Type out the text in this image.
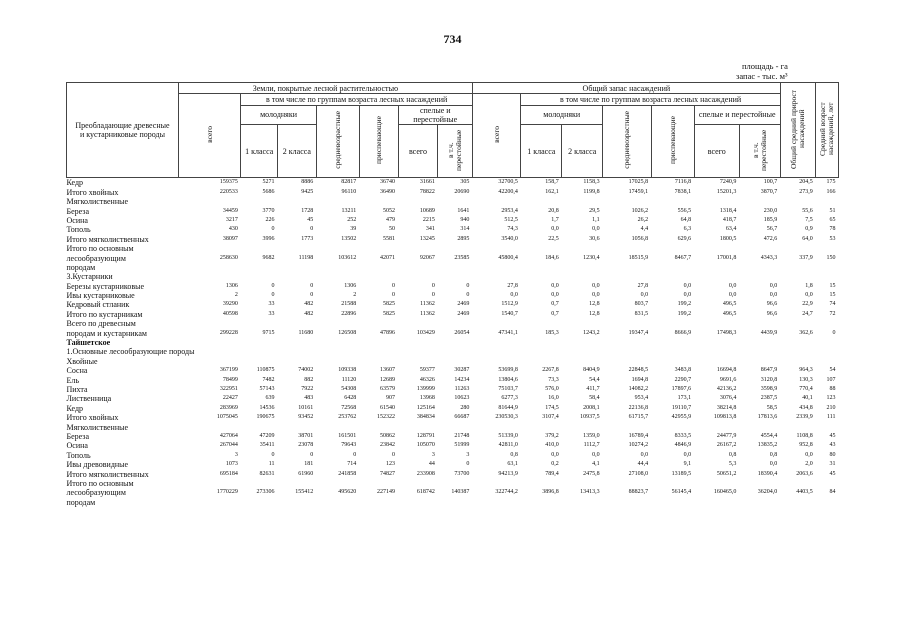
734
площадь - га
запас - тыс. м³
Преобладающие древесные и кустарниковые породы	Земли, покрытые лесной растительностью							Общий запас насаждений							Общий средний прирост насаждений	Средний возраст насаждений, лет
	всего	в том числе по группам возраста лесных насаждений						всего	в том числе по группам возраста лесных насаждений							
		молодняки		средневозрастные	приспевающие	спелые и перестойные			молодняки		средневозрастные	приспевающие	спелые и перестойные			
		1 класса	2 класса			всего	в т.ч. перестойные		1 класса	2 класса			всего	в т.ч. перестойные		
Кедр	159375	5271	8886	82817	36740	31661	305	32700,5	158,7	1158,3	17025,8	7116,8	7240,9	100,7	204,5	175
Итого хвойных	220533	5686	9425	96110	36490	78822	20690	42200,4	162,1	1199,8	17459,1	7838,1	15201,3	3870,7	273,9	166
Мягколиственные																
Береза	34459	3770	1728	13211	5052	10689	1641	2953,4	20,8	29,5	1026,2	556,5	1318,4	230,0	55,6	51
Осина	3217	226	45	252	479	2215	940	512,5	1,7	1,1	26,2	64,8	418,7	185,9	7,5	65
Тополь	430	0	0	39	50	341	314	74,3	0,0	0,0	4,4	6,3	63,4	56,7	0,9	78
Итого мягколиственных	38097	3996	1773	13502	5581	13245	2895	3540,0	22,5	30,6	1056,8	629,6	1800,5	472,6	64,0	53
Итого по основным																
лесообразующим	258630	9682	11198	103612	42071	92067	23585	45800,4	184,6	1230,4	18515,9	8467,7	17001,8	4343,3	337,9	150
породам																
3.Кустарники																
Березы кустарниковые	1306	0	0	1306	0	0	0	27,8	0,0	0,0	27,8	0,0	0,0	0,0	1,8	15
Ивы кустарниковые	2	0	0	2	0	0	0	0,0	0,0	0,0	0,0	0,0	0,0	0,0	0,0	15
Кедровый стланик	39290	33	482	21588	5825	11362	2469	1512,9	0,7	12,8	803,7	199,2	496,5	96,6	22,9	74
Итого по кустарникам	40598	33	482	22896	5825	11362	2469	1540,7	0,7	12,8	831,5	199,2	496,5	96,6	24,7	72
Всего по древесным																
породам и кустарникам	299228	9715	11680	126508	47896	103429	26054	47341,1	185,3	1243,2	19347,4	8666,9	17498,3	4439,9	362,6	0
Тайшетское																
1.Основные лесообразующие породы																
Хвойные																
Сосна	367199	110875	74002	109338	13607	59377	30287	53699,8	2267,8	8404,9	22848,5	3483,8	16694,8	8647,9	964,3	54
Ель	78499	7482	882	11120	12689	46326	14234	13804,6	73,3	54,4	1694,8	2290,7	9691,6	3120,8	130,3	107
Пихта	322951	57143	7922	54308	63579	139999	11263	75103,7	576,0	411,7	14082,2	17897,6	42136,2	3598,9	770,4	88
Лиственница	22427	639	483	6428	907	13968	10623	6277,3	16,0	58,4	953,4	173,1	3076,4	2387,5	40,1	123
Кедр	283969	14536	10161	72568	61540	125164	280	81644,9	174,5	2008,1	22136,8	19110,7	38214,8	58,5	434,8	210
Итого хвойных	1075045	190675	93452	253762	152322	384834	66687	230530,3	3107,4	10937,5	61715,7	42955,9	109813,8	17813,6	2339,9	111
Мягколиственные																
Береза	427064	47209	38701	161501	50862	128791	21748	51339,0	379,2	1359,0	16789,4	8333,5	24477,9	4554,4	1108,8	45
Осина	267044	35411	23078	79643	23842	105070	51999	42811,0	410,0	1112,7	10274,2	4846,9	26167,2	13835,2	952,8	43
Тополь	3	0	0	0	0	3	3	0,8	0,0	0,0	0,0	0,0	0,8	0,8	0,0	80
Ивы древовидные	1073	11	181	714	123	44	0	63,1	0,2	4,1	44,4	9,1	5,3	0,0	2,0	31
Итого мягколиственных	695184	82631	61960	241858	74827	233908	73700	94213,9	789,4	2475,8	27108,0	13189,5	50651,2	18390,4	2063,6	45
Итого по основным																
лесообразующим	1770229	273306	155412	495620	227149	618742	140387	322744,2	3896,8	13413,3	88823,7	56145,4	160465,0	36204,0	4403,5	84
породам																
